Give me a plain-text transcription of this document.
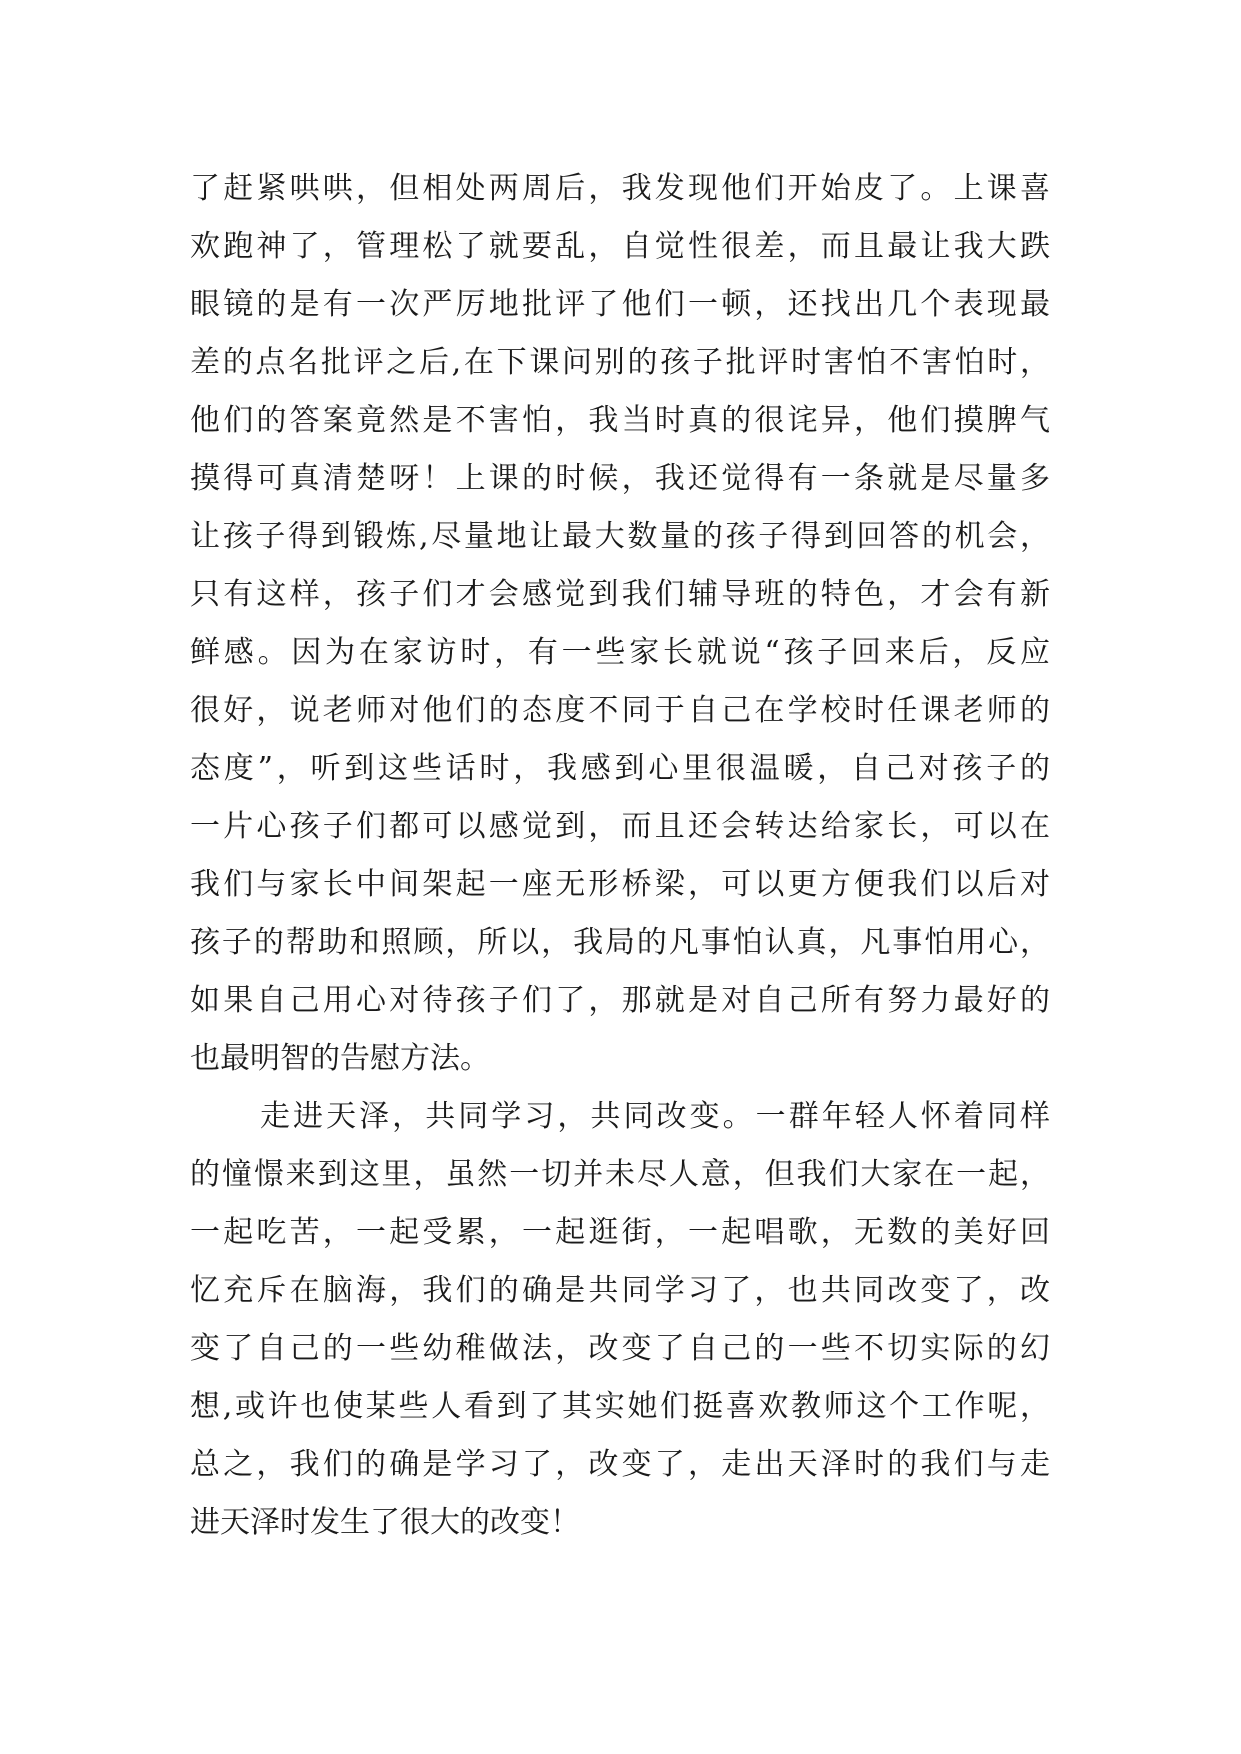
了赶紧哄哄，但相处两周后，我发现他们开始皮了。上课喜
欢跑神了，管理松了就要乱，自觉性很差，而且最让我大跌
眼镜的是有一次严厉地批评了他们一顿，还找出几个表现最
差的点名批评之后,在下课问别的孩子批评时害怕不害怕时，
他们的答案竟然是不害怕，我当时真的很诧异，他们摸脾气
摸得可真清楚呀！上课的时候，我还觉得有一条就是尽量多
让孩子得到锻炼,尽量地让最大数量的孩子得到回答的机会，
只有这样，孩子们才会感觉到我们辅导班的特色，才会有新
鲜感。因为在家访时，有一些家长就说“孩子回来后，反应
很好，说老师对他们的态度不同于自己在学校时任课老师的
态度”，听到这些话时，我感到心里很温暖，自己对孩子的
一片心孩子们都可以感觉到，而且还会转达给家长，可以在
我们与家长中间架起一座无形桥梁，可以更方便我们以后对
孩子的帮助和照顾，所以，我局的凡事怕认真，凡事怕用心，
如果自己用心对待孩子们了，那就是对自己所有努力最好的
也最明智的告慰方法。
走进天泽，共同学习，共同改变。一群年轻人怀着同样
的憧憬来到这里，虽然一切并未尽人意，但我们大家在一起，
一起吃苦，一起受累，一起逛街，一起唱歌，无数的美好回
忆充斥在脑海，我们的确是共同学习了，也共同改变了，改
变了自己的一些幼稚做法，改变了自己的一些不切实际的幻
想,或许也使某些人看到了其实她们挺喜欢教师这个工作呢，
总之，我们的确是学习了，改变了，走出天泽时的我们与走
进天泽时发生了很大的改变！
